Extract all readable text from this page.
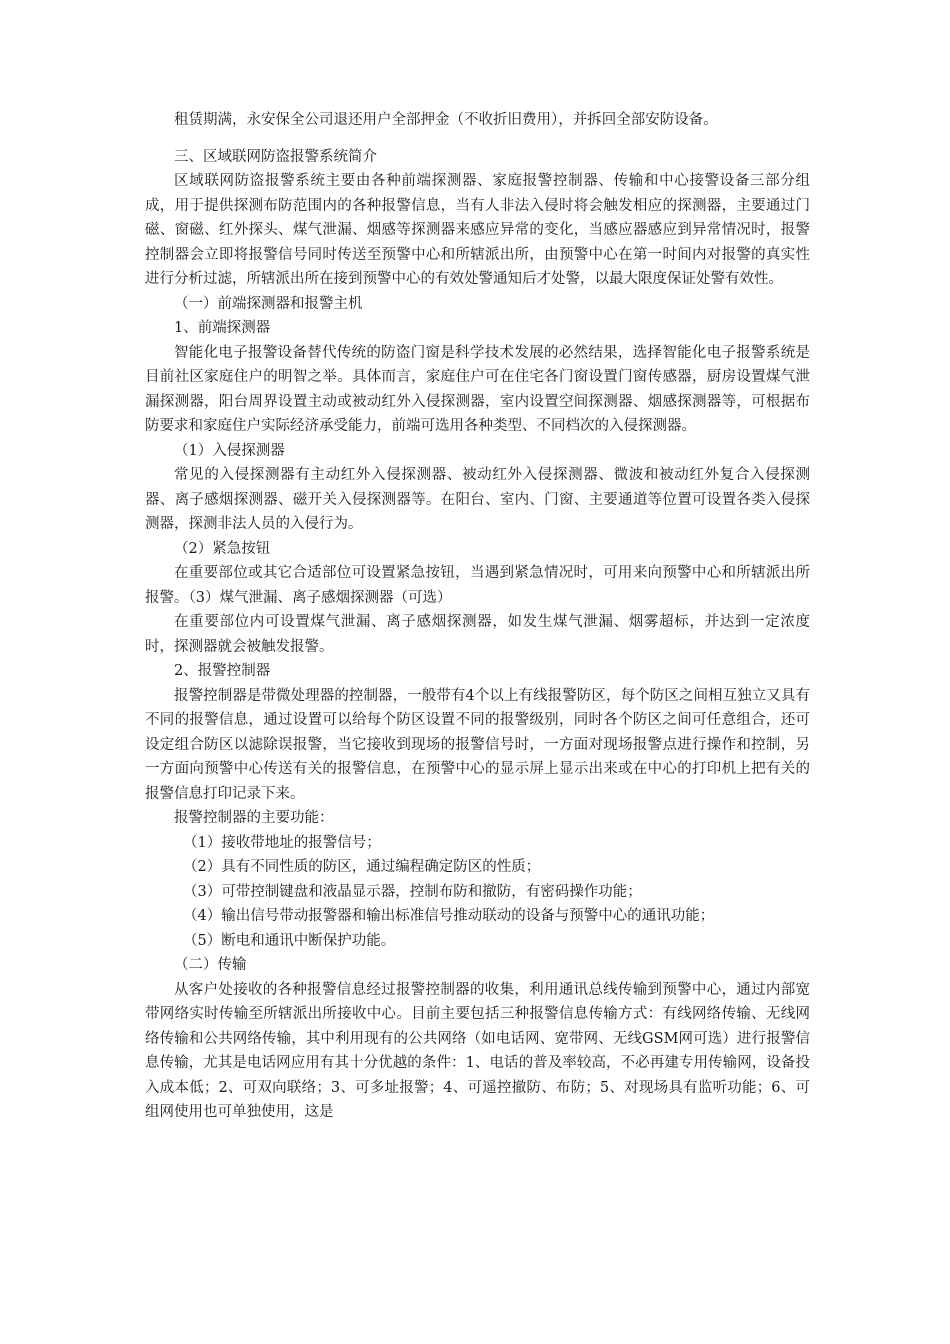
租赁期满，永安保全公司退还用户全部押金（不收折旧费用），并拆回全部安防设备。

三、区域联网防盗报警系统简介

区域联网防盗报警系统主要由各种前端探测器、家庭报警控制器、传输和中心接警设备三部分组成，用于提供探测布防范围内的各种报警信息，当有人非法入侵时将会触发相应的探测器，主要通过门磁、窗磁、红外探头、煤气泄漏、烟感等探测器来感应异常的变化，当感应器感应到异常情况时，报警控制器会立即将报警信号同时传送至预警中心和所辖派出所，由预警中心在第一时间内对报警的真实性进行分析过滤，所辖派出所在接到预警中心的有效处警通知后才处警，以最大限度保证处警有效性。

（一）前端探测器和报警主机

1、前端探测器

智能化电子报警设备替代传统的防盗门窗是科学技术发展的必然结果，选择智能化电子报警系统是目前社区家庭住户的明智之举。具体而言，家庭住户可在住宅各门窗设置门窗传感器，厨房设置煤气泄漏探测器，阳台周界设置主动或被动红外入侵探测器，室内设置空间探测器、烟感探测器等，可根据布防要求和家庭住户实际经济承受能力，前端可选用各种类型、不同档次的入侵探测器。

（1）入侵探测器

常见的入侵探测器有主动红外入侵探测器、被动红外入侵探测器、微波和被动红外复合入侵探测器、离子感烟探测器、磁开关入侵探测器等。在阳台、室内、门窗、主要通道等位置可设置各类入侵探测器，探测非法人员的入侵行为。

（2）紧急按钮

在重要部位或其它合适部位可设置紧急按钮，当遇到紧急情况时，可用来向预警中心和所辖派出所报警。（3）煤气泄漏、离子感烟探测器（可选）

在重要部位内可设置煤气泄漏、离子感烟探测器，如发生煤气泄漏、烟雾超标，并达到一定浓度时，探测器就会被触发报警。

2、报警控制器

报警控制器是带微处理器的控制器，一般带有4个以上有线报警防区，每个防区之间相互独立又具有不同的报警信息，通过设置可以给每个防区设置不同的报警级别，同时各个防区之间可任意组合，还可设定组合防区以滤除误报警，当它接收到现场的报警信号时，一方面对现场报警点进行操作和控制，另一方面向预警中心传送有关的报警信息，在预警中心的显示屏上显示出来或在中心的打印机上把有关的报警信息打印记录下来。

报警控制器的主要功能：

（1）接收带地址的报警信号；
（2）具有不同性质的防区，通过编程确定防区的性质；
（3）可带控制键盘和液晶显示器，控制布防和撤防，有密码操作功能；
（4）输出信号带动报警器和输出标准信号推动联动的设备与预警中心的通讯功能；
（5）断电和通讯中断保护功能。

（二）传输

从客户处接收的各种报警信息经过报警控制器的收集，利用通讯总线传输到预警中心，通过内部宽带网络实时传输至所辖派出所接收中心。目前主要包括三种报警信息传输方式：有线网络传输、无线网络传输和公共网络传输，其中利用现有的公共网络（如电话网、宽带网、无线GSM网可选）进行报警信息传输，尤其是电话网应用有其十分优越的条件：1、电话的普及率较高，不必再建专用传输网，设备投入成本低；2、可双向联络；3、可多址报警；4、可遥控撤防、布防；5、对现场具有监听功能；6、可组网使用也可单独使用，这是
